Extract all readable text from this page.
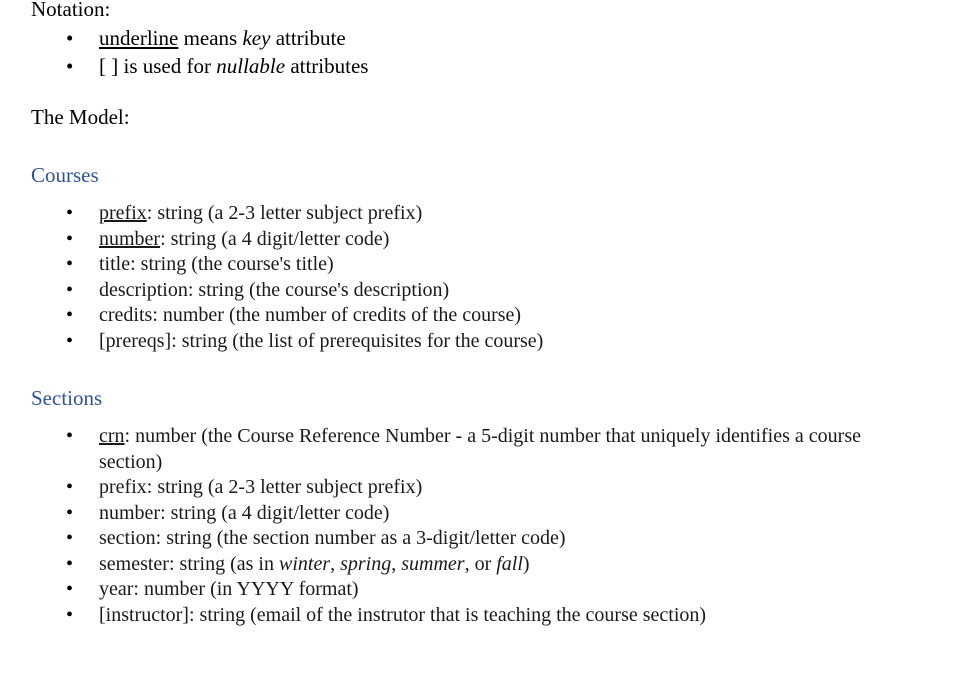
Notation:
• underline means key attribute
• [ ] is used for nullable attributes
The Model:
Courses
• prefix: string (a 2-3 letter subject prefix)
• number: string (a 4 digit/letter code)
• title: string (the course's title)
• description: string (the course's description)
• credits: number (the number of credits of the course)
• [prereqs]: string (the list of prerequisites for the course)
Sections
• crn: number (the Course Reference Number - a 5-digit number that uniquely identifies a course section)
• prefix: string (a 2-3 letter subject prefix)
• number: string (a 4 digit/letter code)
• section: string (the section number as a 3-digit/letter code)
• semester: string (as in winter, spring, summer, or fall)
• year: number (in YYYY format)
• [instructor]: string (email of the instrutor that is teaching the course section)
